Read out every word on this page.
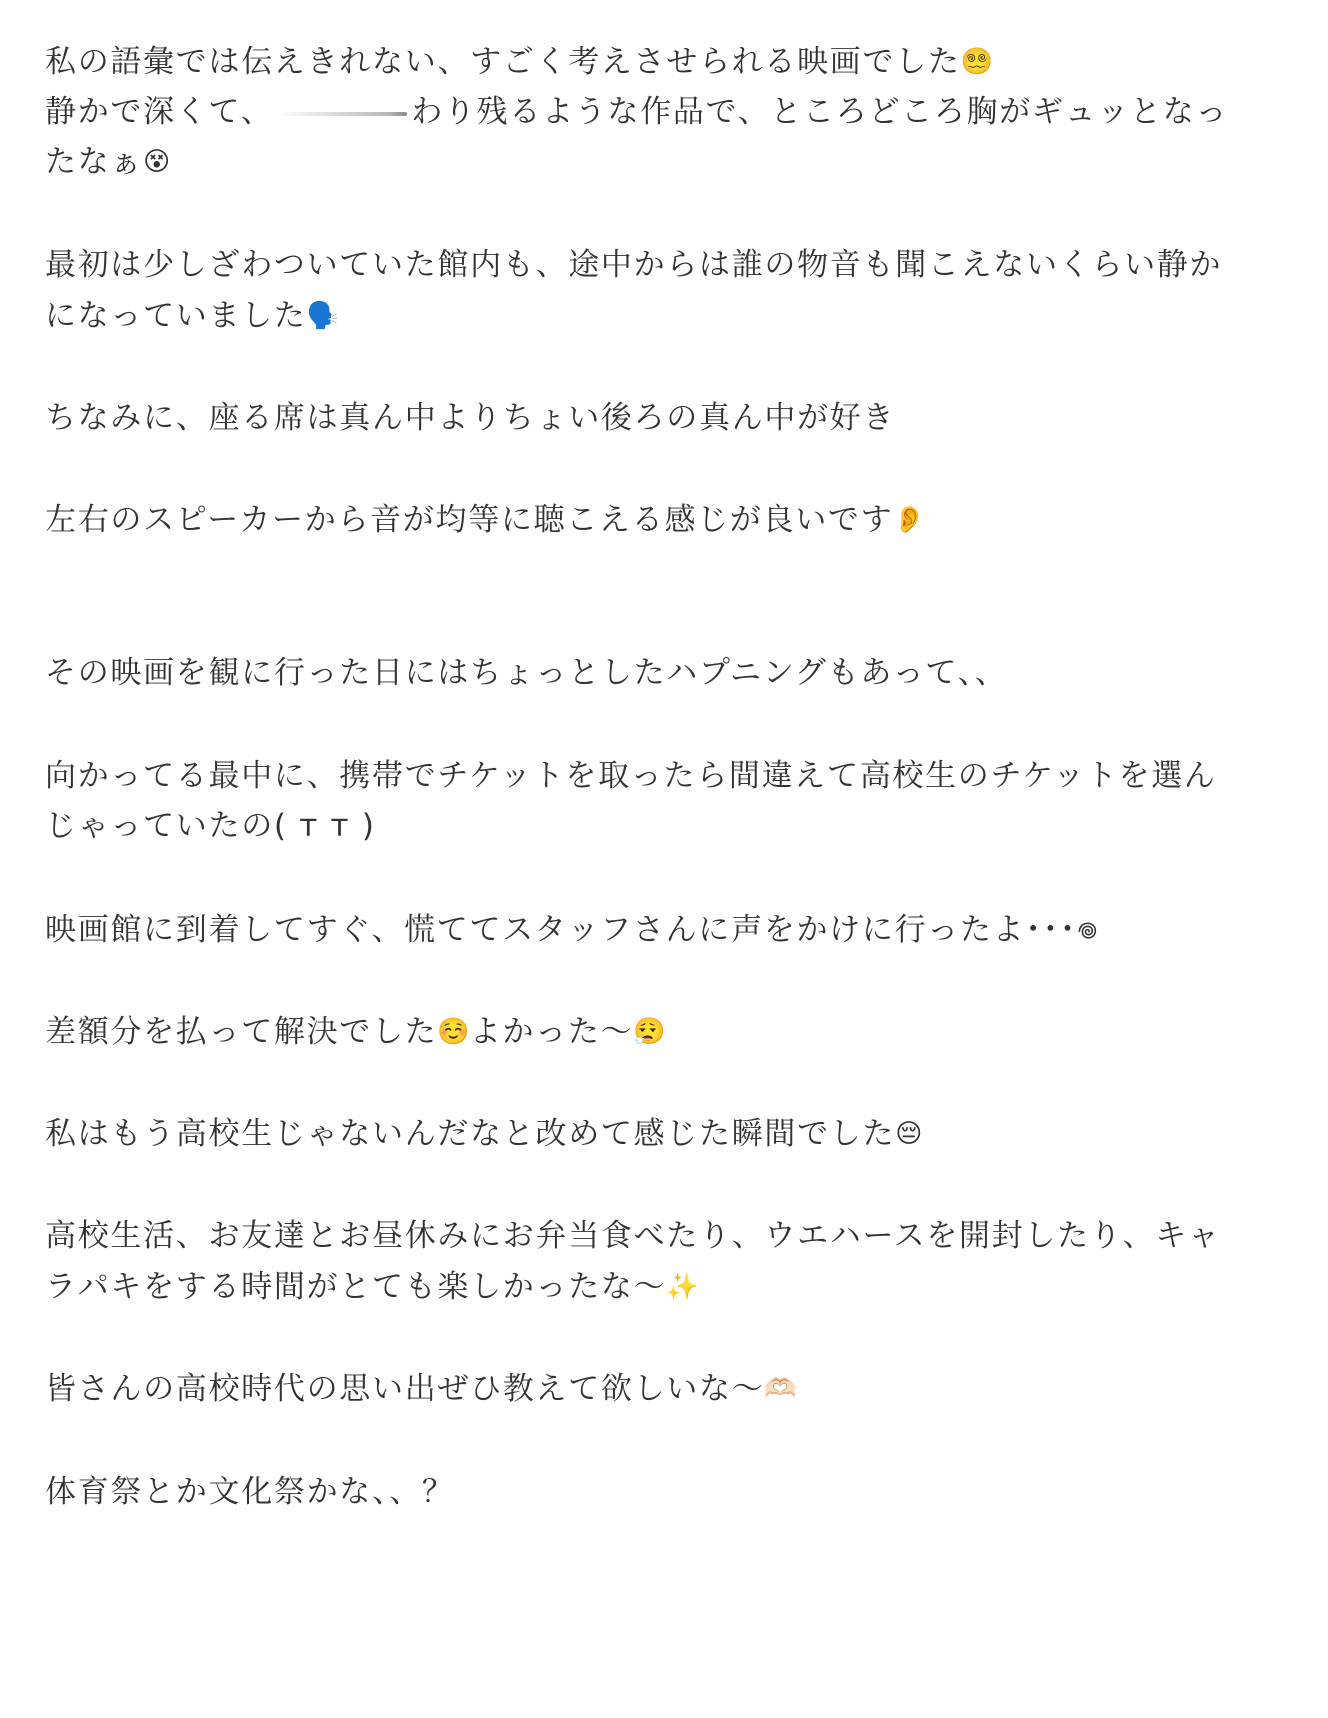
私の語彙では伝えきれない、すごく考えさせられる映画でした😵‍💫
静かで深くて、	わり残るような作品で、ところどころ胸がギュッとなっ
たなぁ😵
最初は少しざわついていた館内も、途中からは誰の物音も聞こえないくらい静か
になっていました🗣️
ちなみに、座る席は真ん中よりちょい後ろの真ん中が好き
左右のスピーカーから音が均等に聴こえる感じが良いです👂
その映画を観に行った日にはちょっとしたハプニングもあって、、
向かってる最中に、携帯でチケットを取ったら間違えて高校生のチケットを選ん
じゃっていたの( ᴛ ᴛ )
映画館に到着してすぐ、慌ててスタッフさんに声をかけに行ったよ･･･𖦹
差額分を払って解決でした☺️よかった〜😮‍💨
私はもう高校生じゃないんだなと改めて感じた瞬間でした😔
高校生活、お友達とお昼休みにお弁当食べたり、ウエハースを開封したり、キャ
ラパキをする時間がとても楽しかったな〜✨
皆さんの高校時代の思い出ぜひ教えて欲しいな〜🫶🏻
体育祭とか文化祭かな、、？
